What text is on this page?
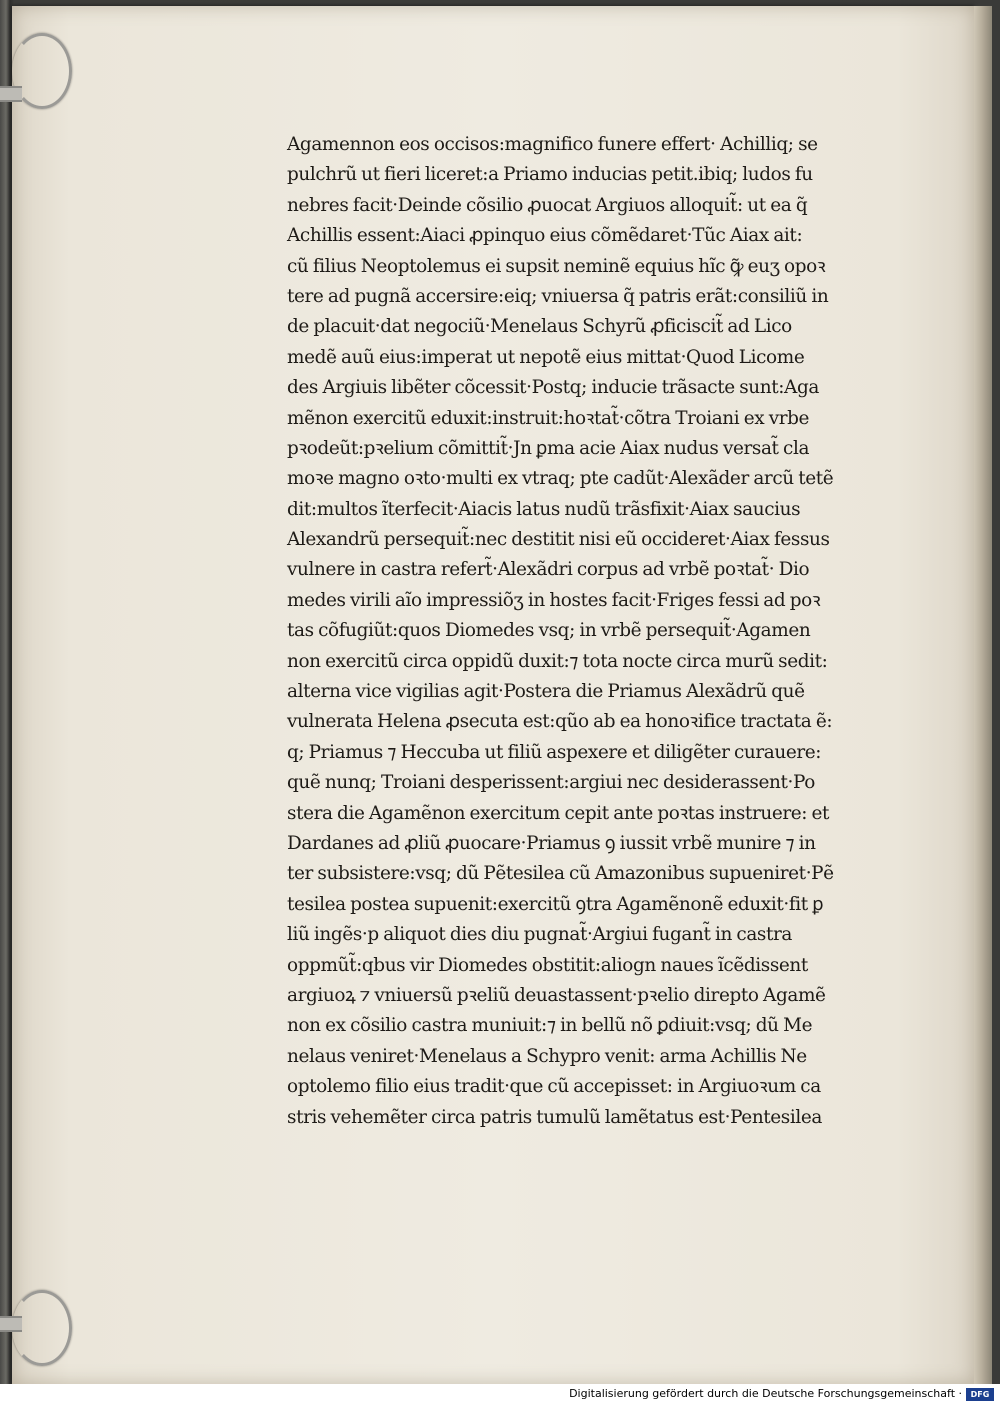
Agamennon eos occisos:magnifico funere effert· Achilliq; se
pulchrũ ut fieri liceret:a Priamo inducias petit.ibiq; ludos fu
nebres facit·Deinde cõsilio ꝓuocat Argiuos alloquit̃: ut ea q̃
Achillis essent:Aiaci ꝓpinquo eius cõmẽdaret·Tũc Aiax ait:
cũ filius Neoptolemus ei supsit neminẽ equius hĩc ꝙ̃ euʒ opoꝛ
tere ad pugnã accersire:eiq; vniuersa q̃ patris erãt:consiliũ in
de placuit·dat negociũ·Menelaus Schyrũ ꝓficiscit̃ ad Lico
medẽ auũ eius:imperat ut nepotẽ eius mittat·Quod Licome
des Argiuis libẽter cõcessit·Postq; inducie trãsacte sunt:Aga
mẽnon exercitũ eduxit:instruit:hoꝛtat̃·cõtra Troiani ex vrbe
pꝛodeũt:pꝛelium cõmittit̃·Jn ꝑma acie Aiax nudus versat̃ cla
moꝛe magno oꝛto·multi ex vtraq; pte cadũt·Alexãder arcũ tetẽ
dit:multos ĩterfecit·Aiacis latus nudũ trãsfixit·Aiax saucius
Alexandrũ persequit̃:nec destitit nisi eũ occideret·Aiax fessus
vulnere in castra refert̃·Alexãdri corpus ad vrbẽ poꝛtat̃· Dio
medes virili aĩo impressiõʒ in hostes facit·Friges fessi ad poꝛ
tas cõfugiũt:quos Diomedes vsq; in vrbẽ persequit̃·Agamen
non exercitũ circa oppidũ duxit:⁊ tota nocte circa murũ sedit:
alterna vice vigilias agit·Postera die Priamus Alexãdrũ quẽ
vulnerata Helena ꝓsecuta est:qũo ab ea honoꝛifice tractata ẽ:
q; Priamus ⁊ Heccuba ut filiũ aspexere et diligẽter curauere:
quẽ nunq; Troiani desperissent:argiui nec desiderassent·Po
stera die Agamẽnon exercitum cepit ante poꝛtas instruere: et
Dardanes ad ꝓliũ ꝓuocare·Priamus ꝯ iussit vrbẽ munire ⁊ in
ter subsistere:vsq; dũ Pẽtesilea cũ Amazonibus supueniret·Pẽ
tesilea postea supuenit:exercitũ ꝯtra Agamẽnonẽ eduxit·fit ꝑ
liũ ingẽs·p aliquot dies diu pugnat̃·Argiui fugant̃ in castra
oppmũt̃:qbus vir Diomedes obstitit:aliogn naues ĩcẽdissent
argiuoꝝ ⁊ vniuersũ pꝛeliũ deuastassent·pꝛelio direpto Agamẽ
non ex cõsilio castra muniuit:⁊ in bellũ nõ ꝑdiuit:vsq; dũ Me
nelaus veniret·Menelaus a Schypro venit: arma Achillis Ne
optolemo filio eius tradit·que cũ accepisset: in Argiuoꝛum ca
stris vehemẽter circa patris tumulũ lamẽtatus est·Pentesilea
Digitalisierung gefördert durch die Deutsche Forschungsgemeinschaft ·	DFG
